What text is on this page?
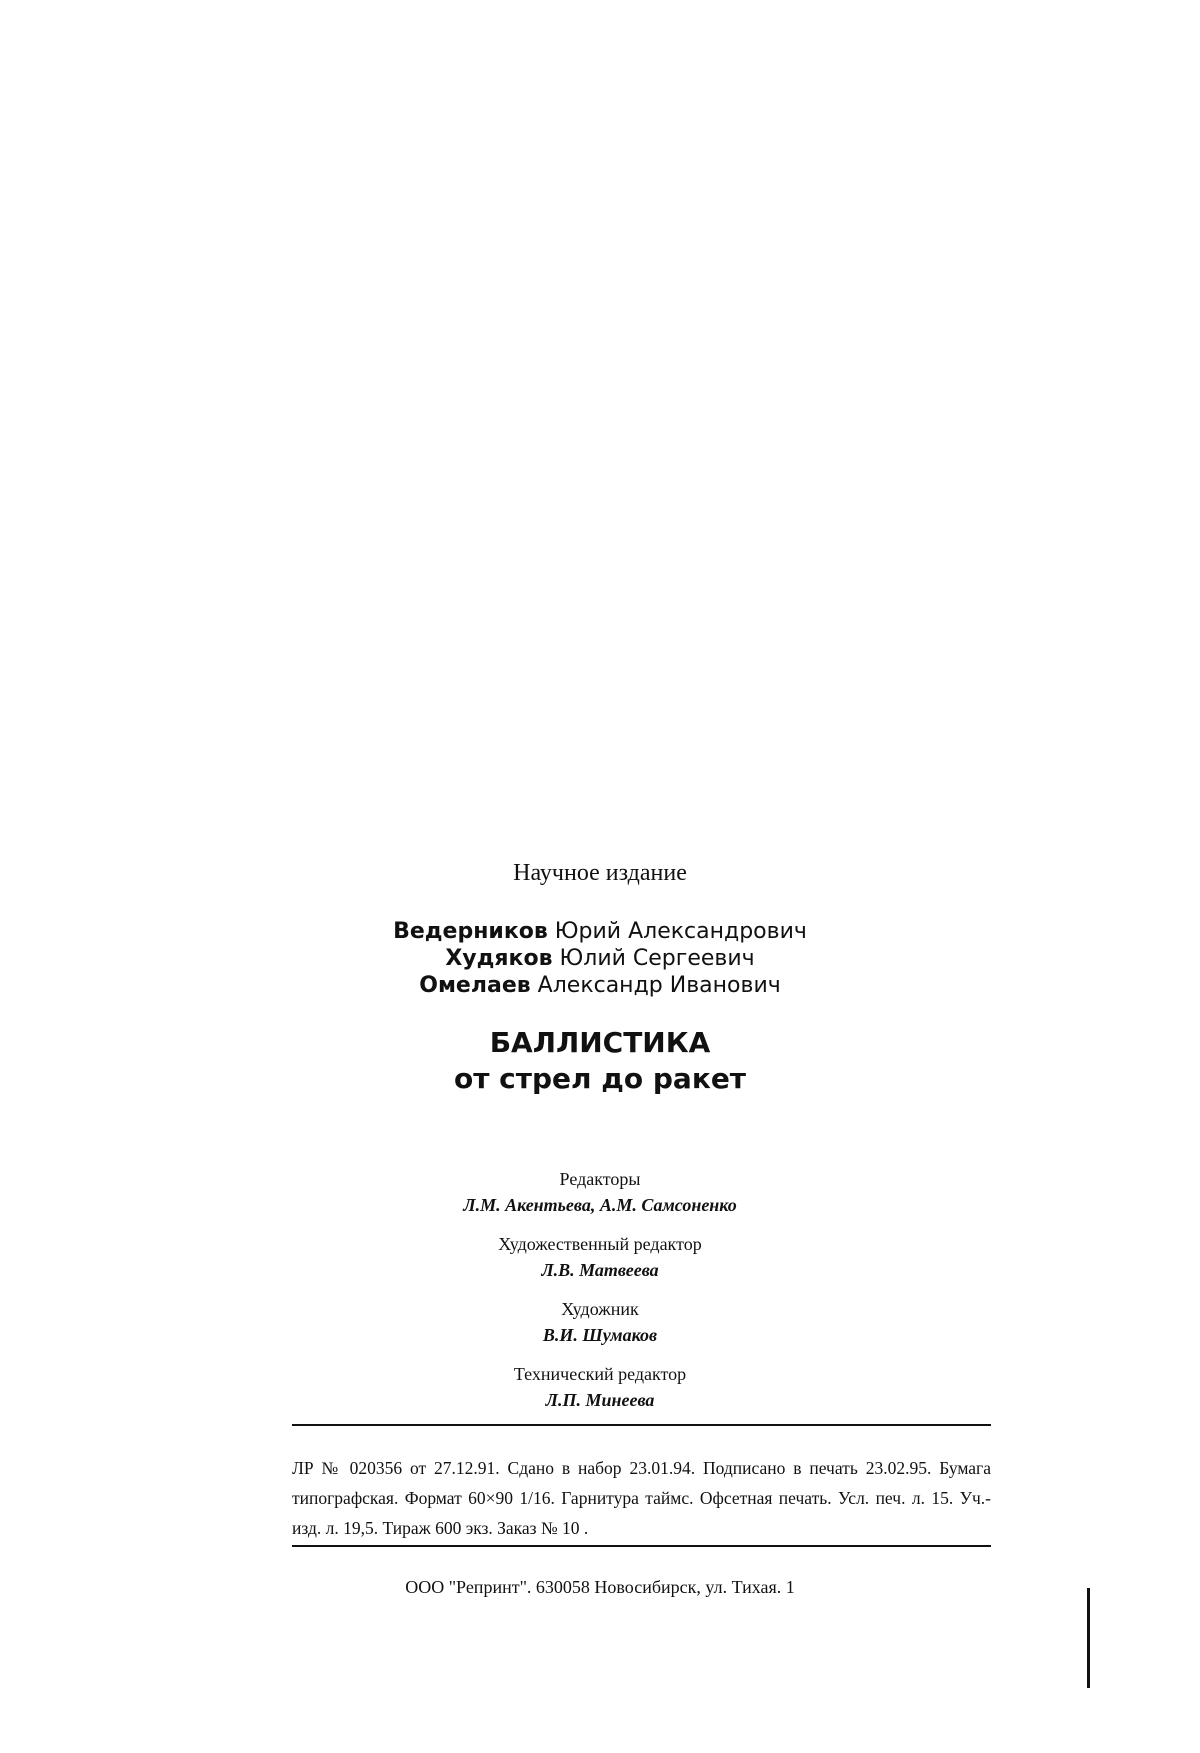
Научное издание
Ведерников Юрий Александрович
Худяков Юлий Сергеевич
Омелаев Александр Иванович
БАЛЛИСТИКА
от стрел до ракет
Редакторы
Л.М. Акентьева, А.М. Самсоненко
Художественный редактор
Л.В. Матвеева
Художник
В.И. Шумаков
Технический редактор
Л.П. Минеева
ЛР № 020356 от 27.12.91. Сдано в набор 23.01.94. Подписано в печать 23.02.95. Бумага типографская. Формат 60×90 1/16. Гарнитура таймс. Офсетная печать. Усл. печ. л. 15. Уч.-изд. л. 19,5. Тираж 600 экз. Заказ № 10 .
ООО "Репринт". 630058 Новосибирск, ул. Тихая. 1
